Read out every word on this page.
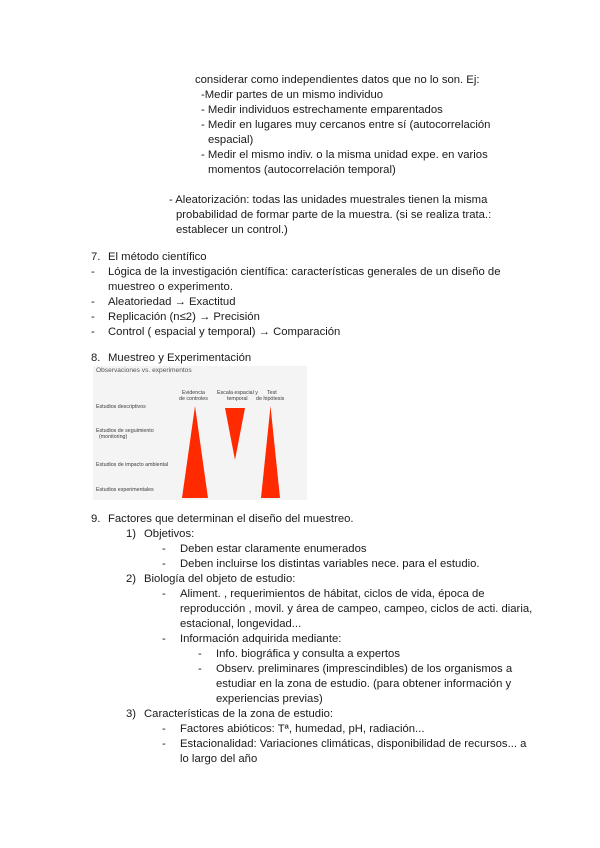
considerar como independientes datos que no lo son. Ej:
-Medir partes de un mismo individuo
- Medir individuos estrechamente emparentados
- Medir en lugares muy cercanos entre sí (autocorrelación
espacial)
- Medir el mismo indiv. o la misma unidad expe. en varios
momentos (autocorrelación temporal)
- Aleatorización: todas las unidades muestrales tienen la misma
probabilidad de formar parte de la muestra. (si se realiza trata.:
establecer un control.)
7. El método científico
- Lógica de la investigación científica: características generales de un diseño de
muestreo o experimento.
- Aleatoriedad → Exactitud
- Replicación (n≤2) → Precisión
- Control ( espacial y temporal) → Comparación
8. Muestreo y Experimentación
Observaciones vs. experimentos
Evidencia
de controles
Escala espacial y
temporal
Test
de hipótesis
Estudios descriptivos
Estudios de seguimiento
(monitoring)
Estudios de impacto ambiental
Estudios experimentales
9. Factores que determinan el diseño del muestreo.
1) Objetivos:
- Deben estar claramente enumerados
- Deben incluirse los distintas variables nece. para el estudio.
2) Biología del objeto de estudio:
- Aliment. , requerimientos de hábitat, ciclos de vida, época de
reproducción , movil. y área de campeo, campeo, ciclos de acti. diaria,
estacional, longevidad...
- Información adquirida mediante:
- Info. biográfica y consulta a expertos
- Observ. preliminares (imprescindibles) de los organismos a
estudiar en la zona de estudio. (para obtener información y
experiencias previas)
3) Características de la zona de estudio:
- Factores abióticos: Tª, humedad, pH, radiación...
- Estacionalidad: Variaciones climáticas, disponibilidad de recursos... a
lo largo del año
